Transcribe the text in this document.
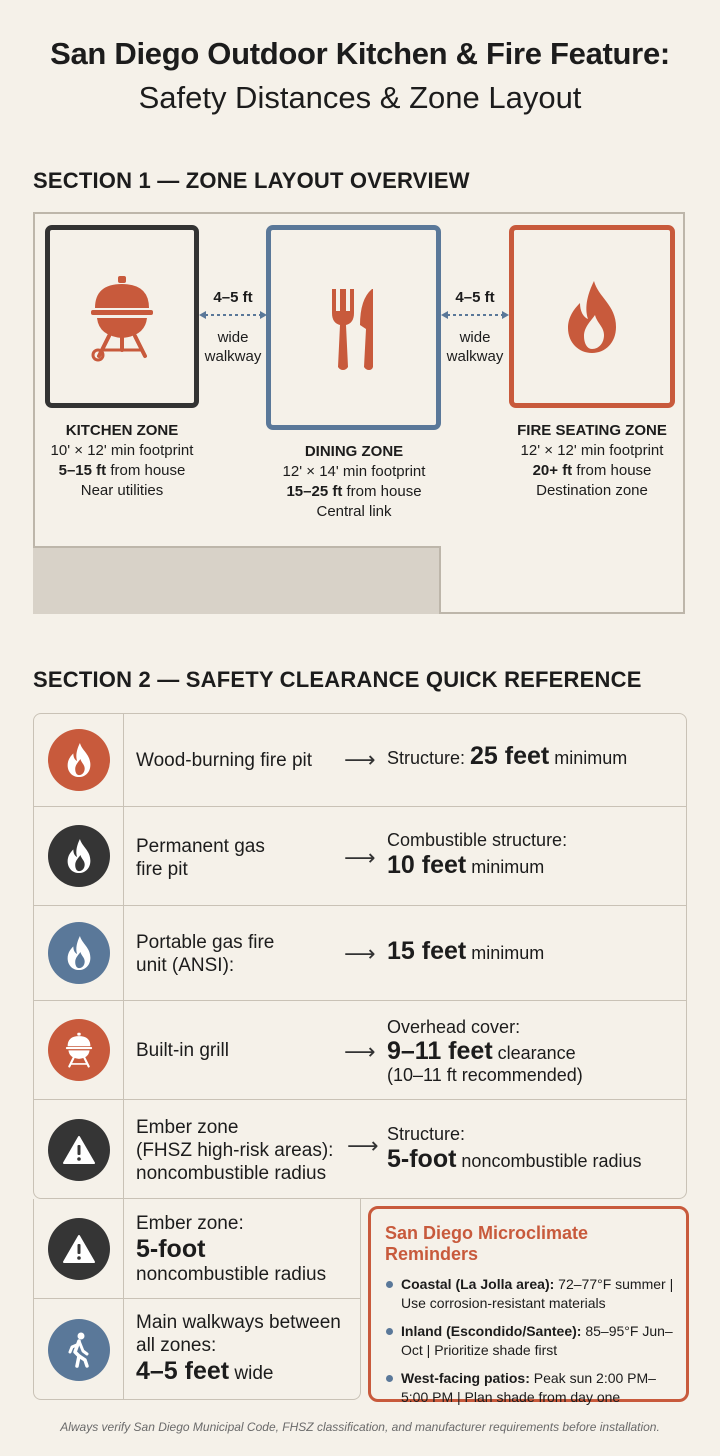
San Diego Outdoor Kitchen & Fire Feature:
Safety Distances & Zone Layout
SECTION 1 — ZONE LAYOUT OVERVIEW
KITCHEN ZONE
10' × 12' min footprint
5–15 ft from house
Near utilities
DINING ZONE
12' × 14' min footprint
15–25 ft from house
Central link
FIRE SEATING ZONE
12' × 12' min footprint
20+ ft from house
Destination zone
4–5 ft
wide
walkway
4–5 ft
wide
walkway
SECTION 2 — SAFETY CLEARANCE QUICK REFERENCE
Wood-burning fire pit ⟶ Structure: 25 feet minimum
Permanent gas
fire pit	⟶
Combustible structure:
10 feet minimum
Portable gas fire
unit (ANSI):	⟶ 15 feet minimum
Built-in grill	⟶
Overhead cover:
9–11 feet clearance
(10–11 ft recommended)
Ember zone
(FHSZ high-risk areas):
noncombustible radius
⟶ Structure:
5-foot noncombustible radius
Ember zone:
5-foot
noncombustible radius
Main walkways between
all zones:
4–5 feet wide
San Diego Microclimate Reminders
Coastal (La Jolla area): 72–77°F summer | Use corrosion-resistant materials
Inland (Escondido/Santee): 85–95°F Jun–Oct | Prioritize shade first
West-facing patios: Peak sun 2:00 PM–5:00 PM | Plan shade from day one
Always verify San Diego Municipal Code, FHSZ classification, and manufacturer requirements before installation.
